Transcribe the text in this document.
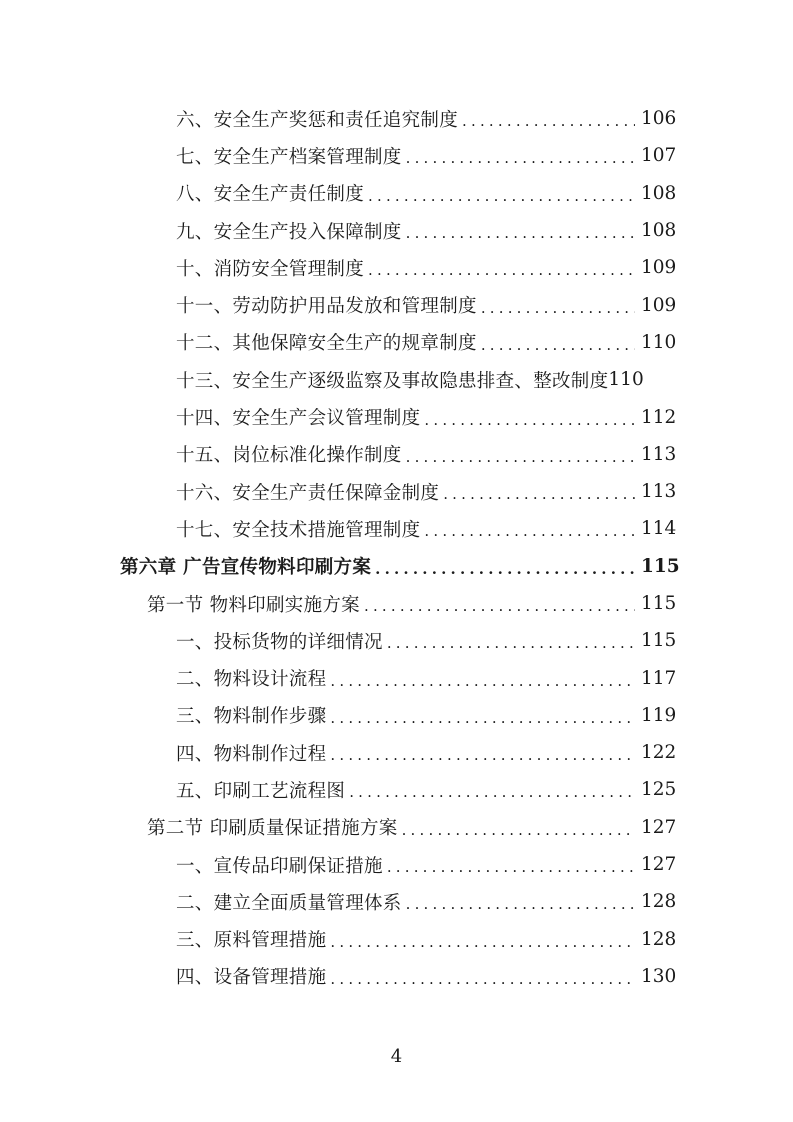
六、安全生产奖惩和责任追究制度 .....	106
七、安全生产档案管理制度 .....	107
八、安全生产责任制度 .....	108
九、安全生产投入保障制度 .....	108
十、消防安全管理制度 .....	109
十一、劳动防护用品发放和管理制度 .....	109
十二、其他保障安全生产的规章制度 .....	110
十三、安全生产逐级监察及事故隐患排查、整改制度 110
十四、安全生产会议管理制度 .....	112
十五、岗位标准化操作制度 .....	113
十六、安全生产责任保障金制度 .....	113
十七、安全技术措施管理制度 .....	114
第六章 广告宣传物料印刷方案 .....	115
第一节 物料印刷实施方案 .....	115
一、投标货物的详细情况 .....	115
二、物料设计流程 .....	117
三、物料制作步骤 .....	119
四、物料制作过程 .....	122
五、印刷工艺流程图 .....	125
第二节 印刷质量保证措施方案 .....	127
一、宣传品印刷保证措施 .....	127
二、建立全面质量管理体系 .....	128
三、原料管理措施 .....	128
四、设备管理措施 .....	130
4
